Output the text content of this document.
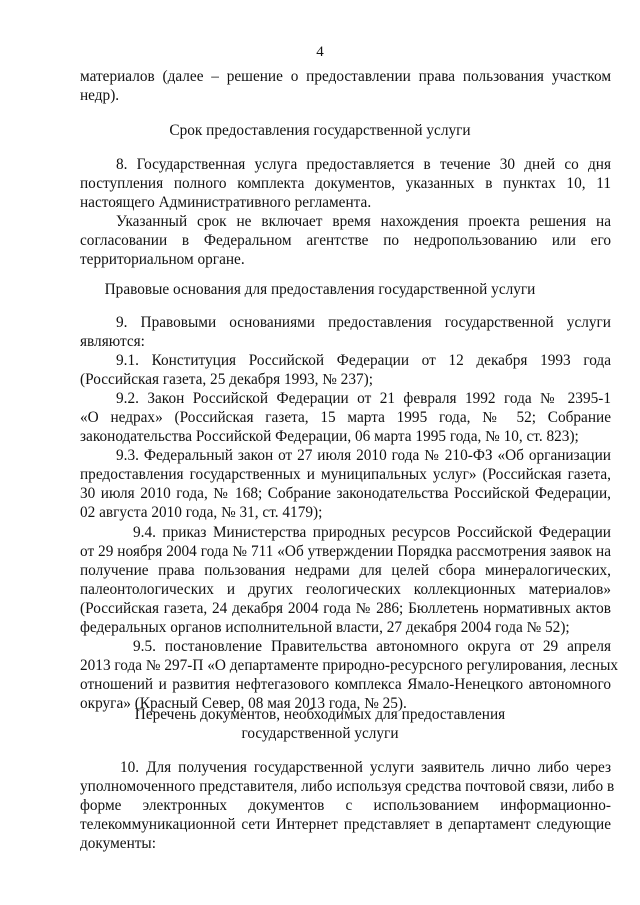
4
материалов (далее – решение о предоставлении права пользования участком
недр).
Срок предоставления государственной услуги
8. Государственная услуга предоставляется в течение 30 дней со дня
поступления полного комплекта документов, указанных в пунктах 10, 11
настоящего Административного регламента.
Указанный срок не включает время нахождения проекта решения на
согласовании в Федеральном агентстве по недропользованию или его
территориальном органе.
Правовые основания для предоставления государственной услуги
9. Правовыми основаниями предоставления государственной услуги
являются:
9.1. Конституция Российской Федерации от 12 декабря 1993 года
(Российская газета, 25 декабря 1993, № 237);
9.2. Закон Российской Федерации от 21 февраля 1992 года № 2395-1
«О недрах» (Российская газета, 15 марта 1995 года, № 52; Собрание
законодательства Российской Федерации, 06 марта 1995 года, № 10, ст. 823);
9.3. Федеральный закон от 27 июля 2010 года № 210-ФЗ «Об организации
предоставления государственных и муниципальных услуг» (Российская газета,
30 июля 2010 года, № 168; Собрание законодательства Российской Федерации,
02 августа 2010 года, № 31, ст. 4179);
9.4. приказ Министерства природных ресурсов Российской Федерации
от 29 ноября 2004 года № 711 «Об утверждении Порядка рассмотрения заявок на
получение права пользования недрами для целей сбора минералогических,
палеонтологических и других геологических коллекционных материалов»
(Российская газета, 24 декабря 2004 года № 286; Бюллетень нормативных актов
федеральных органов исполнительной власти, 27 декабря 2004 года № 52);
9.5. постановление Правительства автономного округа от 29 апреля
2013 года № 297-П «О департаменте природно-ресурсного регулирования, лесных
отношений и развития нефтегазового комплекса Ямало-Ненецкого автономного
округа» (Красный Север, 08 мая 2013 года, № 25).
Перечень документов, необходимых для предоставления
государственной услуги
10. Для получения государственной услуги заявитель лично либо через
уполномоченного представителя, либо используя средства почтовой связи, либо в
форме электронных документов с использованием информационно-
телекоммуникационной сети Интернет представляет в департамент следующие
документы:
